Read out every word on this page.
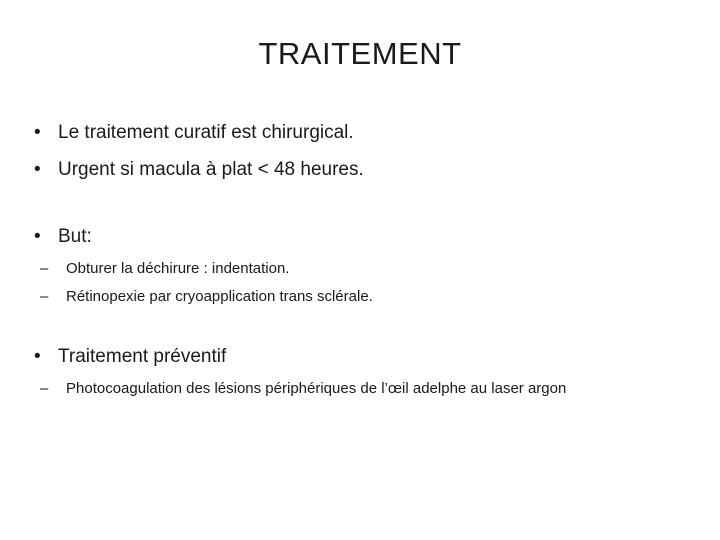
TRAITEMENT
• Le traitement curatif est chirurgical.
• Urgent si macula à plat < 48 heures.
• But:
– Obturer la déchirure : indentation.
– Rétinopexie par cryoapplication trans sclérale.
• Traitement préventif
– Photocoagulation des lésions périphériques de l’œil adelphe au laser argon
